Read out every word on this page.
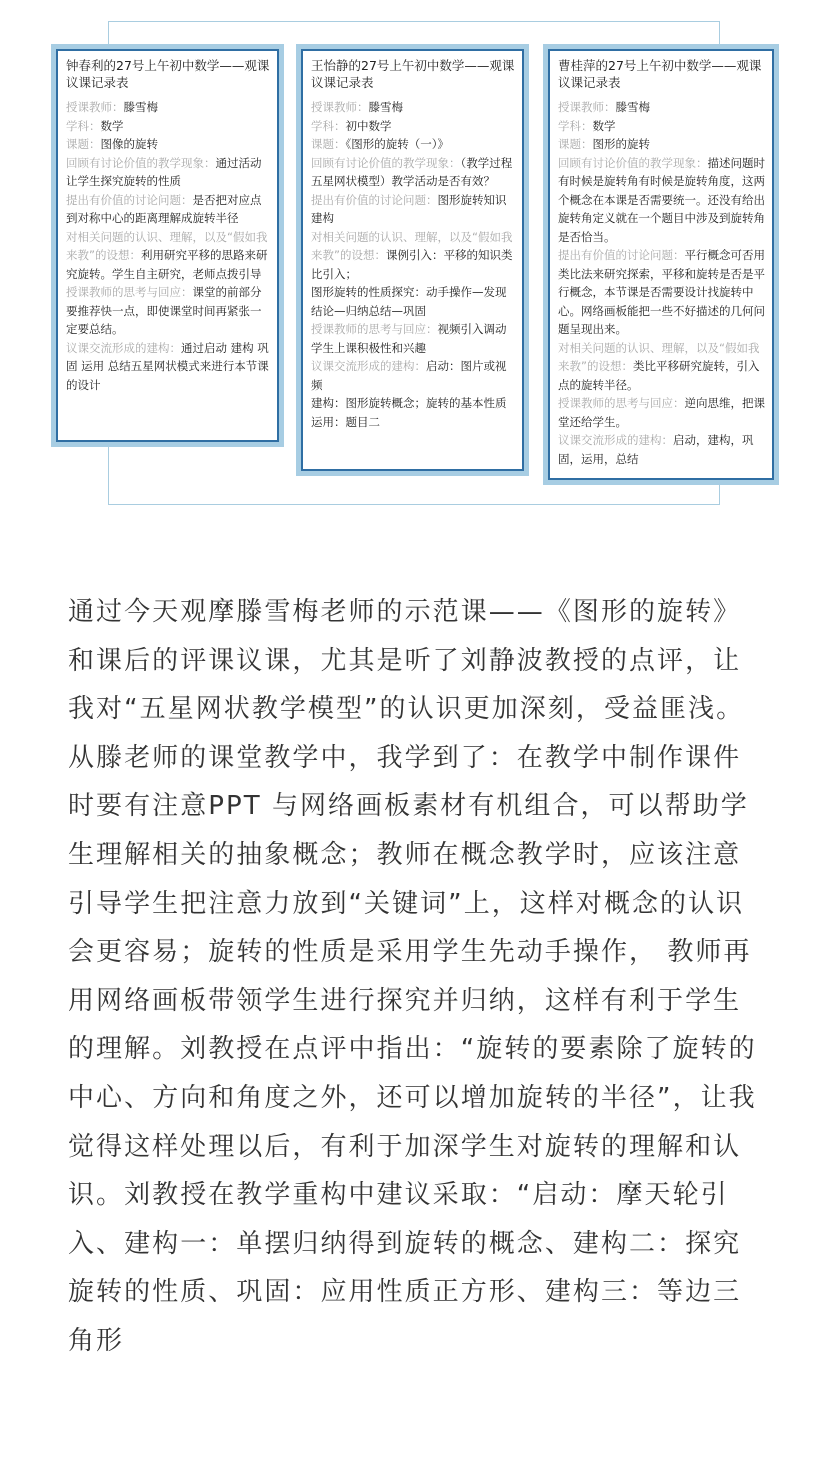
钟春利的27号上午初中数学——观课议课记录表
授课教师：滕雪梅
学科：数学
课题：图像的旋转
回顾有讨论价值的教学现象：通过活动让学生探究旋转的性质
提出有价值的讨论问题：是否把对应点到对称中心的距离理解成旋转半径
对相关问题的认识、理解，以及“假如我来教”的设想：利用研究平移的思路来研究旋转。学生自主研究，老师点拨引导
授课教师的思考与回应：课堂的前部分要推荐快一点，即使课堂时间再紧张一定要总结。
议课交流形成的建构：通过启动 建构 巩固 运用 总结五星网状模式来进行本节课的设计
王怡静的27号上午初中数学——观课议课记录表
授课教师：滕雪梅
学科：初中数学
课题：《图形的旋转（一）》
回顾有讨论价值的教学现象：（教学过程五星网状模型）教学活动是否有效？
提出有价值的讨论问题：图形旋转知识建构
对相关问题的认识、理解，以及“假如我来教”的设想：课例引入：平移的知识类比引入；
图形旋转的性质探究：动手操作—发现结论—归纳总结—巩固
授课教师的思考与回应：视频引入调动学生上课积极性和兴趣
议课交流形成的建构：启动：图片或视频
建构：图形旋转概念；旋转的基本性质
运用：题目二
曹桂萍的27号上午初中数学——观课议课记录表
授课教师：滕雪梅
学科：数学
课题：图形的旋转
回顾有讨论价值的教学现象：描述问题时有时候是旋转角有时候是旋转角度，这两个概念在本课是否需要统一。还没有给出旋转角定义就在一个题目中涉及到旋转角是否恰当。
提出有价值的讨论问题：平行概念可否用类比法来研究探索，平移和旋转是否是平行概念，本节课是否需要设计找旋转中心。网络画板能把一些不好描述的几何问题呈现出来。
对相关问题的认识、理解，以及“假如我来教”的设想：类比平移研究旋转，引入点的旋转半径。
授课教师的思考与回应：逆向思维，把课堂还给学生。
议课交流形成的建构：启动，建构，巩固，运用，总结

通过今天观摩滕雪梅老师的示范课——《图形的旋转》和课后的评课议课，尤其是听了刘静波教授的点评，让我对“五星网状教学模型”的认识更加深刻，受益匪浅。从滕老师的课堂教学中，我学到了：在教学中制作课件时要有注意PPT 与网络画板素材有机组合，可以帮助学生理解相关的抽象概念；教师在概念教学时，应该注意引导学生把注意力放到“关键词”上，这样对概念的认识会更容易；旋转的性质是采用学生先动手操作， 教师再用网络画板带领学生进行探究并归纳，这样有利于学生的理解。刘教授在点评中指出：“旋转的要素除了旋转的中心、方向和角度之外，还可以增加旋转的半径”，让我觉得这样处理以后，有利于加深学生对旋转的理解和认识。刘教授在教学重构中建议采取：“启动：摩天轮引入、建构一：单摆归纳得到旋转的概念、建构二：探究旋转的性质、巩固：应用性质正方形、建构三：等边三角形
